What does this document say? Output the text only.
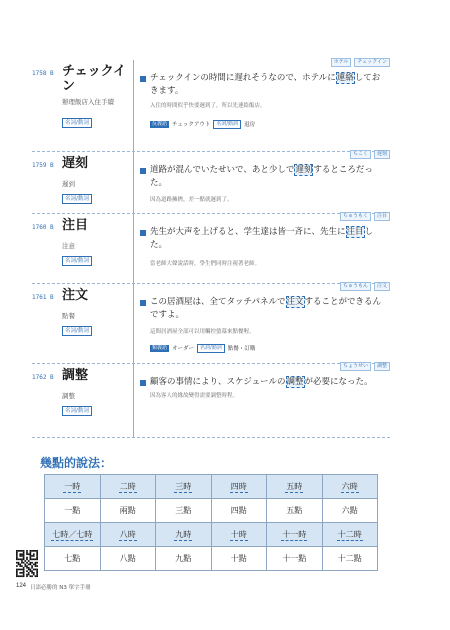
1758 B チェックイン
辦理飯店入住手續
名詞/動詞
ホテル	チェックイン
チェックインの時間に遅れそうなので、ホテルに連絡しておきます。
入住的時間似乎快要遲到了，所以先連絡飯店。
反義語 チェックアウト	名詞/動詞	退房
1759 B 遅刻
遲到
名詞/動詞
ちこく	遅刻
道路が混んでいたせいで、あと少しで遅刻するところだった。
因為道路擁擠，差一點就遲到了。
1760 B 注目
注意
名詞/動詞
ちゅうもく	注目
先生が大声を上げると、学生達は皆一斉に、先生に注目した。
當老師大聲說話時，學生們同時注視著老師。
1761 B 注文
點餐
名詞/動詞
ちゅうもん	注文
この居酒屋は、全てタッチパネルで注文することができるんですよ。
這間居酒屋全部可以用觸控螢幕來點餐喔。
類義語 オーダー	名詞/動詞	點餐・訂購
1762 B 調整
調整
名詞/動詞
ちょうせい	調整
顧客の事情により、スケジュールの調整が必要になった。
因為客人的緣故變得需要調整時程。
幾點的說法：
一時	二時	三時	四時	五時	六時
一點	兩點	三點	四點	五點	六點
七時／七時	八時	九時	十時	十一時	十二時
七點	八點	九點	十點	十一點	十二點
124 日語必勝的 N3 單字手冊
